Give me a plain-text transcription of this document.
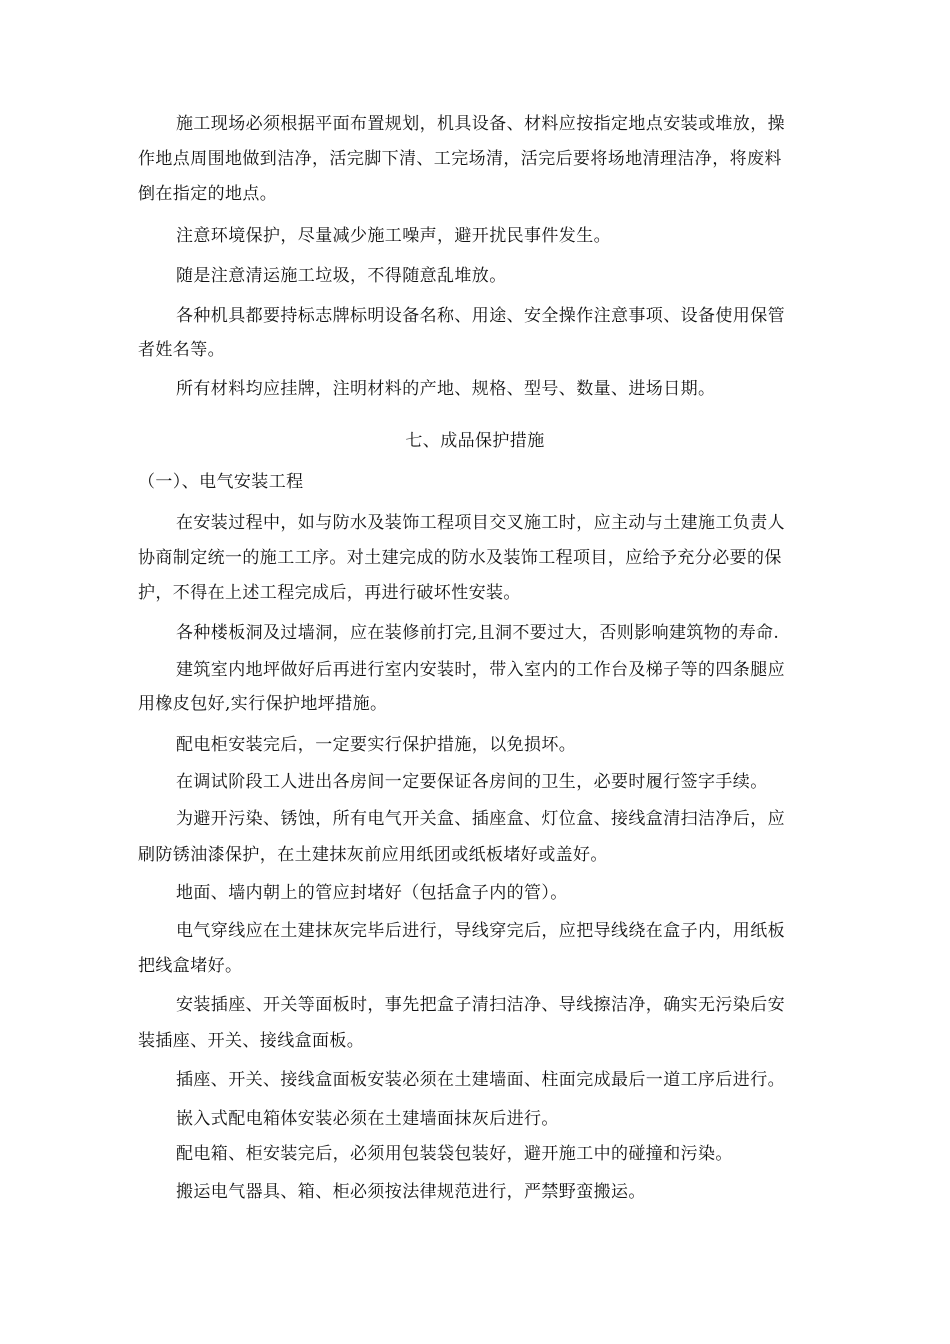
施工现场必须根据平面布置规划，机具设备、材料应按指定地点安装或堆放，操
作地点周围地做到洁净，活完脚下清、工完场清，活完后要将场地清理洁净，将废料
倒在指定的地点。
注意环境保护，尽量减少施工噪声，避开扰民事件发生。
随是注意清运施工垃圾，不得随意乱堆放。
各种机具都要持标志牌标明设备名称、用途、安全操作注意事项、设备使用保管
者姓名等。
所有材料均应挂牌，注明材料的产地、规格、型号、数量、进场日期。
七、成品保护措施
（一）、电气安装工程
在安装过程中，如与防水及装饰工程项目交叉施工时，应主动与土建施工负责人
协商制定统一的施工工序。对土建完成的防水及装饰工程项目，应给予充分必要的保
护，不得在上述工程完成后，再进行破坏性安装。
各种楼板洞及过墙洞，应在装修前打完,且洞不要过大，否则影响建筑物的寿命.
建筑室内地坪做好后再进行室内安装时，带入室内的工作台及梯子等的四条腿应
用橡皮包好,实行保护地坪措施。
配电柜安装完后，一定要实行保护措施，以免损坏。
在调试阶段工人进出各房间一定要保证各房间的卫生，必要时履行签字手续。
为避开污染、锈蚀，所有电气开关盒、插座盒、灯位盒、接线盒清扫洁净后，应
刷防锈油漆保护，在土建抹灰前应用纸团或纸板堵好或盖好。
地面、墙内朝上的管应封堵好（包括盒子内的管）。
电气穿线应在土建抹灰完毕后进行，导线穿完后，应把导线绕在盒子内，用纸板
把线盒堵好。
安装插座、开关等面板时，事先把盒子清扫洁净、导线擦洁净，确实无污染后安
装插座、开关、接线盒面板。
插座、开关、接线盒面板安装必须在土建墙面、柱面完成最后一道工序后进行。
嵌入式配电箱体安装必须在土建墙面抹灰后进行。
配电箱、柜安装完后，必须用包装袋包装好，避开施工中的碰撞和污染。
搬运电气器具、箱、柜必须按法律规范进行，严禁野蛮搬运。
